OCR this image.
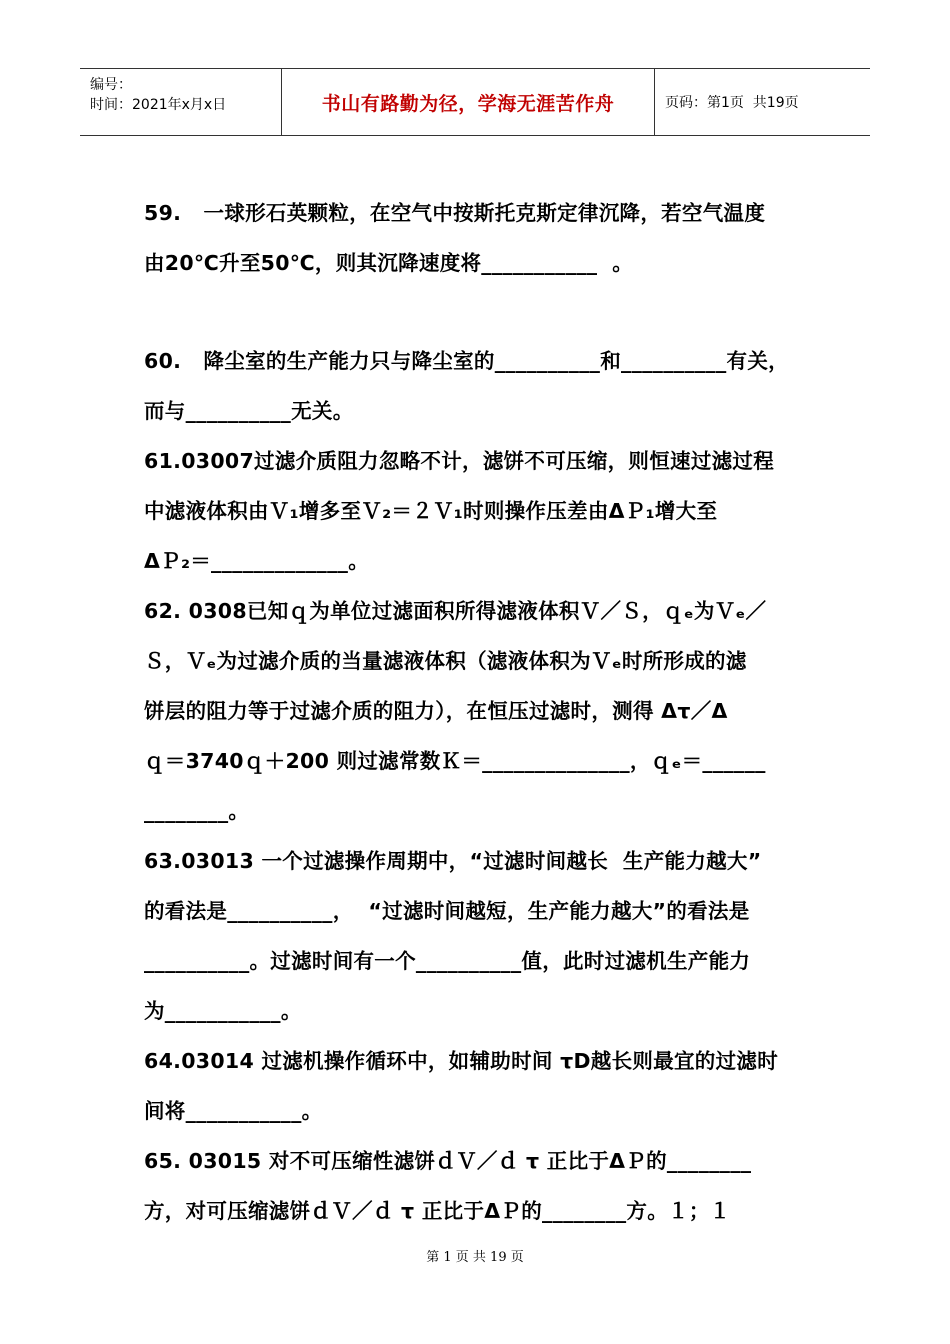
编号：
时间：2021年x月x日	书山有路勤为径，学海无涯苦作舟	页码：第1页  共19页
59.   一球形石英颗粒，在空气中按斯托克斯定律沉降，若空气温度
由20℃升至50℃，则其沉降速度将___________  。
60.   降尘室的生产能力只与降尘室的__________和__________有关，
而与__________无关。
61.03007过滤介质阻力忽略不计，滤饼不可压缩，则恒速过滤过程
中滤液体积由Ｖ₁增多至Ｖ₂＝２Ｖ₁时则操作压差由ΔＰ₁增大至
ΔＰ₂＝_____________。
62. 0308已知ｑ为单位过滤面积所得滤液体积Ｖ／Ｓ，ｑₑ为Ｖₑ／
Ｓ，Ｖₑ为过滤介质的当量滤液体积（滤液体积为Ｖₑ时所形成的滤
饼层的阻力等于过滤介质的阻力），在恒压过滤时，测得 Δτ／Δ
ｑ＝3740ｑ＋200 则过滤常数Ｋ＝______________，ｑₑ＝______
________。
63.03013 一个过滤操作周期中，“过滤时间越长  生产能力越大”
的看法是__________，  “过滤时间越短，生产能力越大”的看法是
__________。过滤时间有一个__________值，此时过滤机生产能力
为___________。
64.03014 过滤机操作循环中，如辅助时间 τD越长则最宜的过滤时
间将___________。
65. 03015 对不可压缩性滤饼ｄＶ／ｄ τ 正比于ΔＰ的________
方，对可压缩滤饼ｄＶ／ｄ τ 正比于ΔＰ的________方。１；１
第 1 页 共 19 页
